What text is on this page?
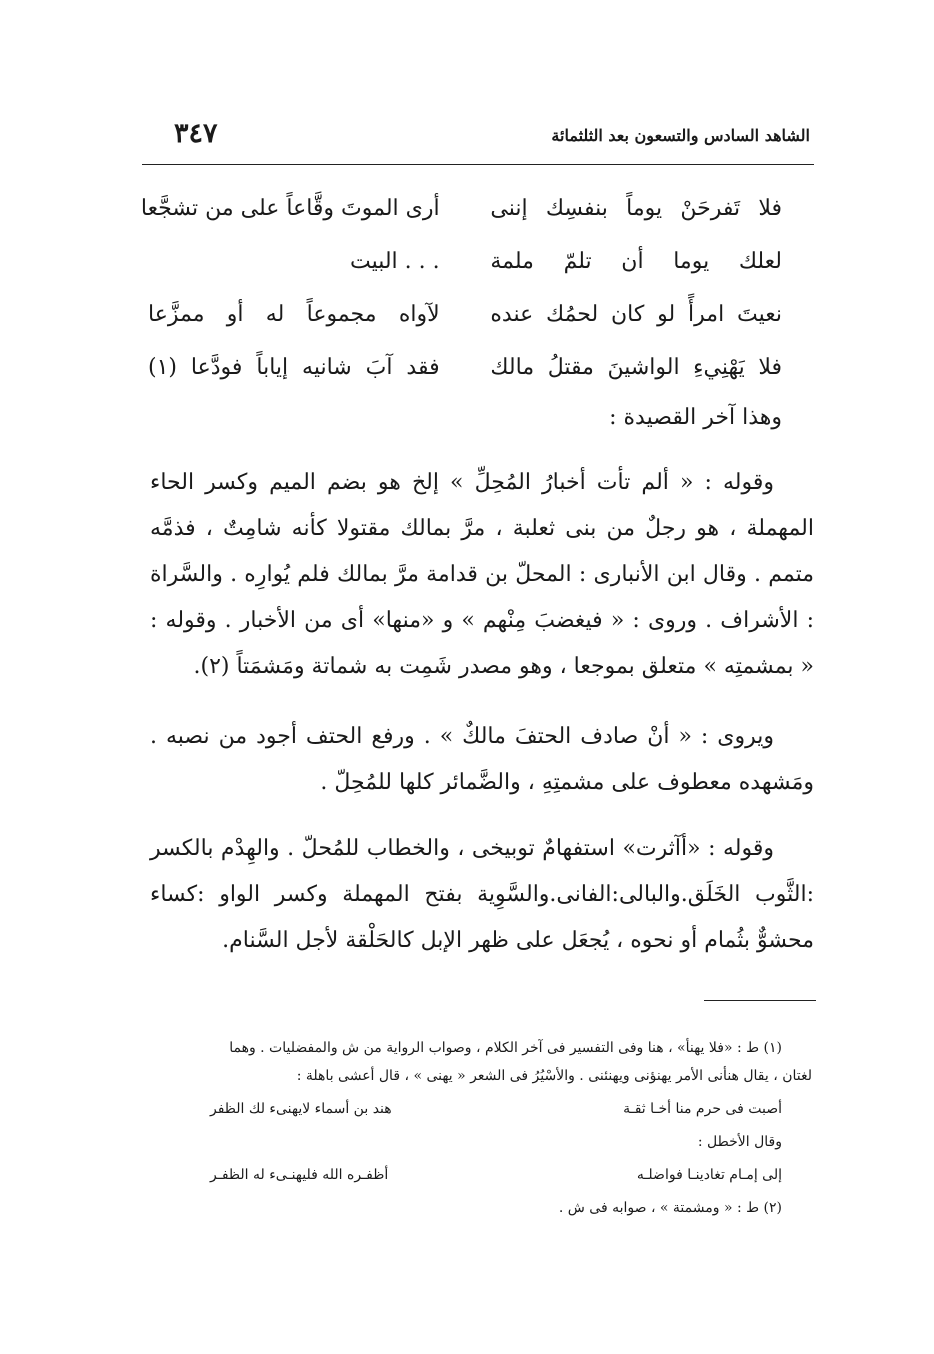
الشاهد السادس والتسعون بعد الثلثمائة
٣٤٧
فلا تَفرحَنْ يوماً بنفسِك إننى
أرى الموتَ وقَّاعاً على من تشجَّعا
لعلك يوما أن تلمّ ملمة
. . . البيت
نعيتَ امرأً لو كان لحمُك عنده
لآواه مجموعاً له أو ممزَّعا
فلا يَهْنِيءِ الواشينَ مقتلُ مالك
فقد آبَ شانيه إياباً فودَّعا (١)
وهذا آخر القصيدة :

وقوله : « ألم تأت أخبارُ المُحِلِّ » إلخ هو بضم الميم وكسر الحاء المهملة ، هو رجلٌ من بنى ثعلبة ، مرَّ بمالك مقتولا كأنه شامِتٌ ، فذمَّه متمم . وقال ابن الأنبارى : المحلّ بن قدامة مرَّ بمالك فلم يُوارِه . والسَّراة : الأشراف . وروى : « فيغضبَ مِنْهم » و «منها» أى من الأخبار . وقوله : « بمشمتِه » متعلق بموجعا ، وهو مصدر شَمِت به شماتة ومَشمَتاً (٢).

ويروى : « أنْ صادف الحتفَ مالكٌ » . ورفع الحتف أجود من نصبه . ومَشهده معطوف على مشمتِهِ ، والضَّمائر كلها للمُحِلّ .

وقوله : «أآثرت» استفهامٌ توبيخى ، والخطاب للمُحلّ . والهِدْم بالكسر :الثَّوب الخَلَق.والبالى:الفانى.والسَّوِية بفتح المهملة وكسر الواو :كساء محشوٌّ بثُمام أو نحوه ، يُجعَل على ظهر الإبل كالحَلْقة لأجل السَّنام.

(١) ط : «فلا يهنأ» ، هنا وفى التفسير فى آخر الكلام ، وصواب الرواية من ش والمفضليات . وهما
لغتان ، يقال هنأنى الأمر يهنؤنى ويهنئنى . والأسْيُرُ فى الشعر « يهنى » ، قال أعشى باهلة :
أصبت فى حرم منا أخـا ثقـة
هند بن أسماء لايهنىء لك الظفر
وقال الأخطل :
إلى إمـام تغادينـا فواضلـه
أظفـره الله فليهنـىء له الظفـر
(٢) ط : « ومشمتة » ، صوابه فى ش .
